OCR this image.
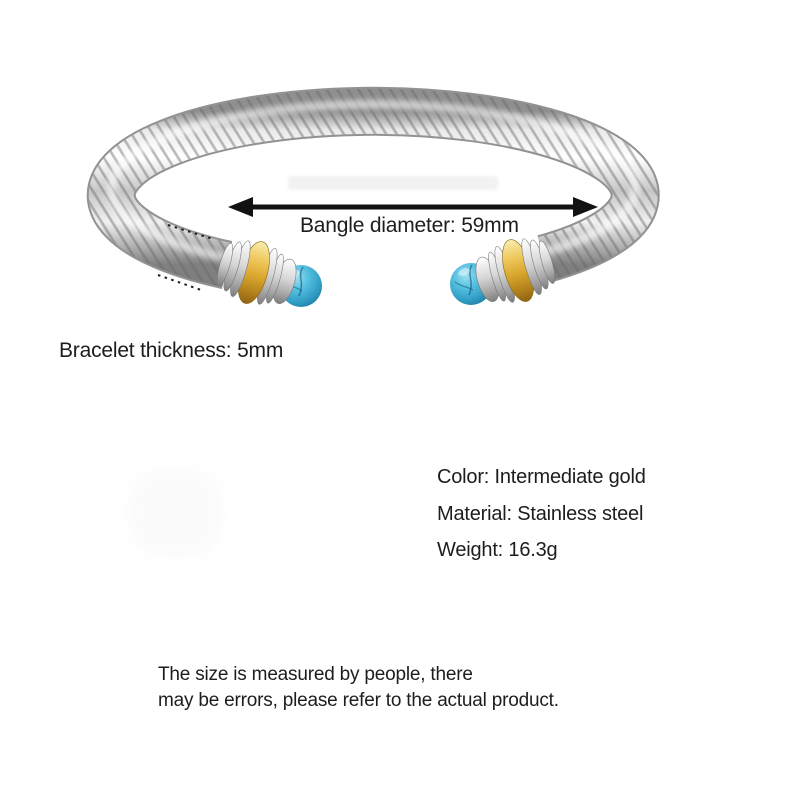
Bangle diameter: 59mm
Bracelet thickness: 5mm
Color: Intermediate gold
Material: Stainless steel
Weight: 16.3g
The size is measured by people, there
may be errors, please refer to the actual product.
